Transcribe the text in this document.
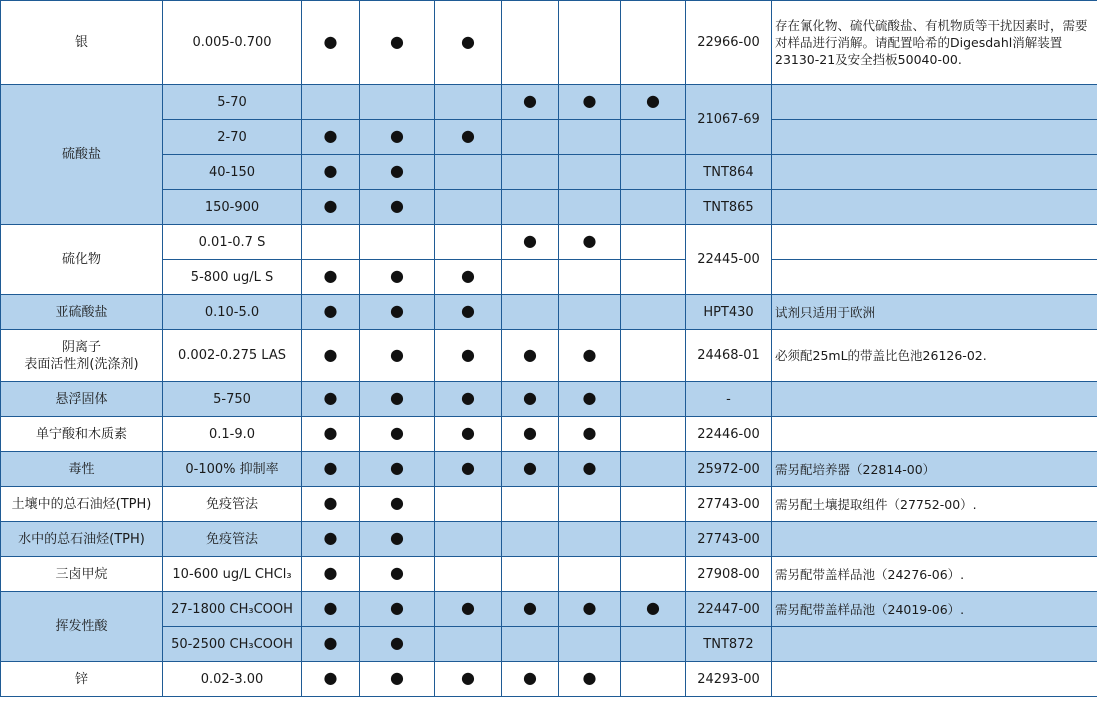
银	0.005-0.700	●	●	●				22966-00	存在氰化物、硫代硫酸盐、有机物质等干扰因素时，需要对样品进行消解。请配置哈希的Digesdahl消解装置23130-21及安全挡板50040-00.
硫酸盐	5-70				●	●	●	21067-69	
	2-70	●	●	●					
	40-150	●	●					TNT864	
	150-900	●	●					TNT865	
硫化物	0.01-0.7 S				●	●		22445-00	
	5-800 ug/L S	●	●	●					
亚硫酸盐	0.10-5.0	●	●	●				HPT430	试剂只适用于欧洲
阴离子
表面活性剂(洗涤剂)	0.002-0.275 LAS	●	●	●	●	●		24468-01	必须配25mL的带盖比色池26126-02.
悬浮固体	5-750	●	●	●	●	●		-	
单宁酸和木质素	0.1-9.0	●	●	●	●	●		22446-00	
毒性	0-100% 抑制率	●	●	●	●	●		25972-00	需另配培养器（22814-00）
土壤中的总石油烃(TPH)	免疫管法	●	●					27743-00	需另配土壤提取组件（27752-00）.
水中的总石油烃(TPH)	免疫管法	●	●					27743-00	
三卤甲烷	10-600 ug/L CHCl₃	●	●					27908-00	需另配带盖样品池（24276-06）.
挥发性酸	27-1800 CH₃COOH	●	●	●	●	●	●	22447-00	需另配带盖样品池（24019-06）.
	50-2500 CH₃COOH	●	●					TNT872	
锌	0.02-3.00	●	●	●	●	●		24293-00	
